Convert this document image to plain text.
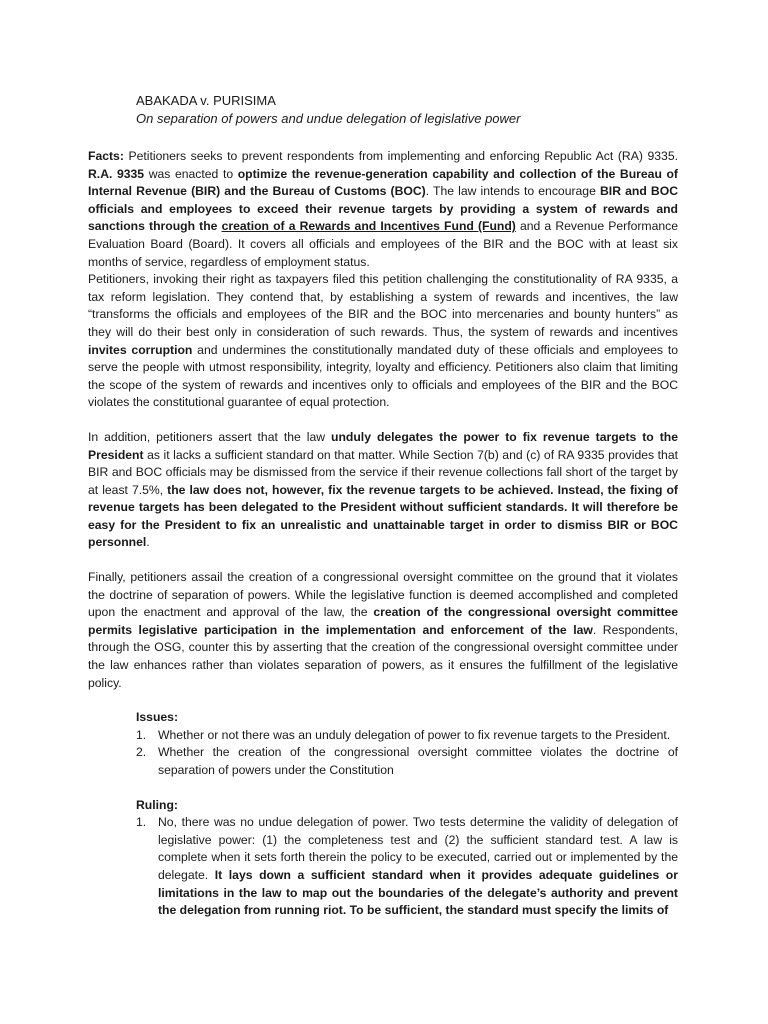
ABAKADA v. PURISIMA
On separation of powers and undue delegation of legislative power

Facts: Petitioners seeks to prevent respondents from implementing and enforcing Republic Act (RA) 9335. R.A. 9335 was enacted to optimize the revenue-generation capability and collection of the Bureau of Internal Revenue (BIR) and the Bureau of Customs (BOC). The law intends to encourage BIR and BOC officials and employees to exceed their revenue targets by providing a system of rewards and sanctions through the creation of a Rewards and Incentives Fund (Fund) and a Revenue Performance Evaluation Board (Board). It covers all officials and employees of the BIR and the BOC with at least six months of service, regardless of employment status.

Petitioners, invoking their right as taxpayers filed this petition challenging the constitutionality of RA 9335, a tax reform legislation. They contend that, by establishing a system of rewards and incentives, the law “transforms the officials and employees of the BIR and the BOC into mercenaries and bounty hunters” as they will do their best only in consideration of such rewards. Thus, the system of rewards and incentives invites corruption and undermines the constitutionally mandated duty of these officials and employees to serve the people with utmost responsibility, integrity, loyalty and efficiency. Petitioners also claim that limiting the scope of the system of rewards and incentives only to officials and employees of the BIR and the BOC violates the constitutional guarantee of equal protection.

In addition, petitioners assert that the law unduly delegates the power to fix revenue targets to the President as it lacks a sufficient standard on that matter. While Section 7(b) and (c) of RA 9335 provides that BIR and BOC officials may be dismissed from the service if their revenue collections fall short of the target by at least 7.5%, the law does not, however, fix the revenue targets to be achieved. Instead, the fixing of revenue targets has been delegated to the President without sufficient standards. It will therefore be easy for the President to fix an unrealistic and unattainable target in order to dismiss BIR or BOC personnel.

Finally, petitioners assail the creation of a congressional oversight committee on the ground that it violates the doctrine of separation of powers. While the legislative function is deemed accomplished and completed upon the enactment and approval of the law, the creation of the congressional oversight committee permits legislative participation in the implementation and enforcement of the law. Respondents, through the OSG, counter this by asserting that the creation of the congressional oversight committee under the law enhances rather than violates separation of powers, as it ensures the fulfillment of the legislative policy.

Issues:
1. Whether or not there was an unduly delegation of power to fix revenue targets to the President.
2. Whether the creation of the congressional oversight committee violates the doctrine of separation of powers under the Constitution
Ruling:
1. No, there was no undue delegation of power. Two tests determine the validity of delegation of legislative power: (1) the completeness test and (2) the sufficient standard test. A law is complete when it sets forth therein the policy to be executed, carried out or implemented by the delegate. It lays down a sufficient standard when it provides adequate guidelines or limitations in the law to map out the boundaries of the delegate’s authority and prevent the delegation from running riot. To be sufficient, the standard must specify the limits of
